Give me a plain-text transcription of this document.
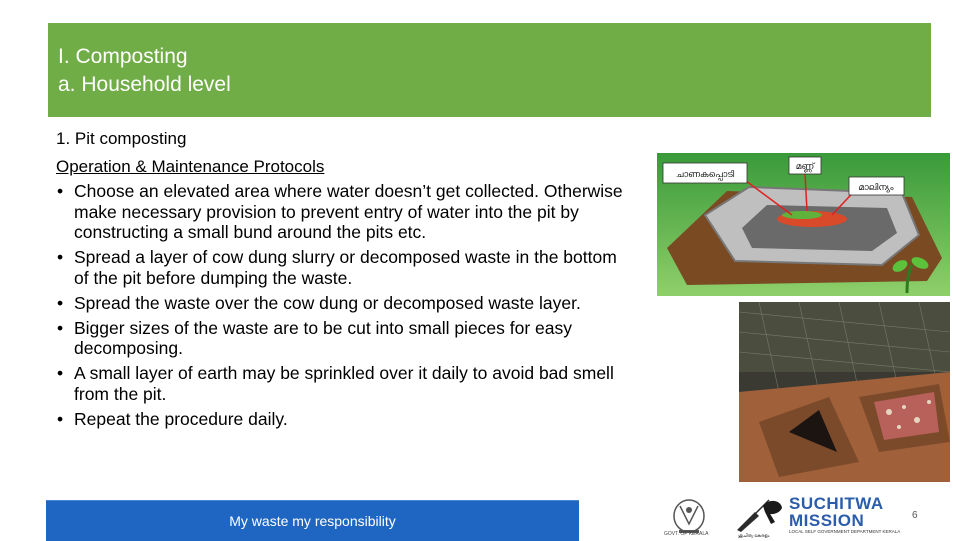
I. Composting
a. Household level
1. Pit composting
Operation & Maintenance Protocols
• Choose an elevated area where water doesn’t get collected. Otherwise make necessary provision to prevent entry of water into the pit by constructing a small bund around the pits etc.
• Spread a layer of cow dung slurry or decomposed waste in the bottom of the pit before dumping the waste.
• Spread the waste over the cow dung or decomposed waste layer.
• Bigger sizes of the waste are to be cut into small pieces for easy decomposing.
• A small layer of earth may be sprinkled over it daily to avoid bad smell from the pit.
• Repeat the procedure daily.
ചാണകപ്പൊടി
മണ്ണ്
മാലിന്യം
My waste my responsibility
GOVT. OF KERALA	ശുചിത്വ കേരളം
SUCHITWA
MISSION
LOCAL SELF GOVERNMENT DEPARTMENT KERALA
6
